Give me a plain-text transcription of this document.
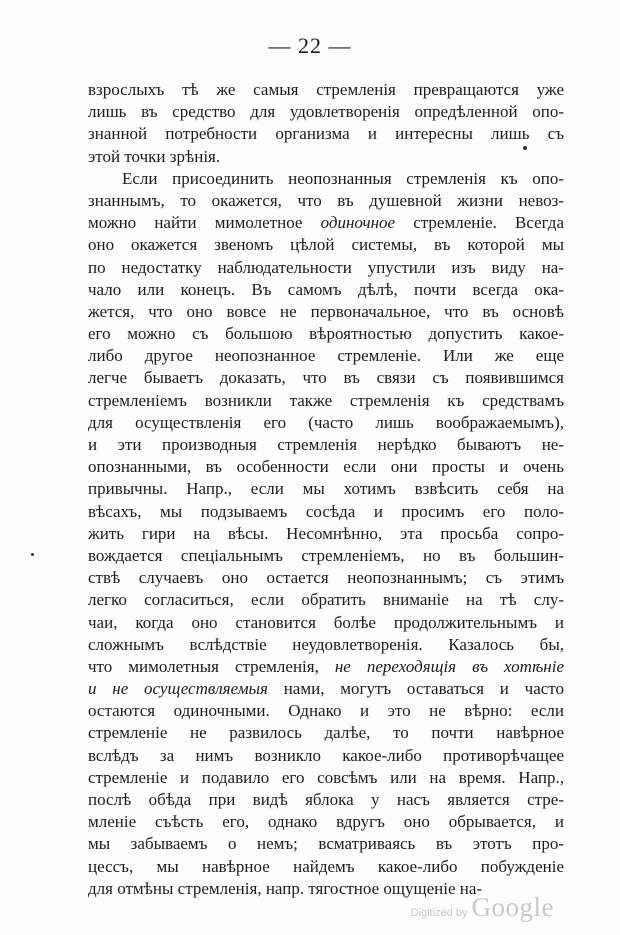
— 22 —
взрослыхъ тѣ же самыя стремленія превращаются уже
лишь въ средство для удовлетворенія опредѣленной опо-
знанной потребности организма и интересны лишь съ
этой точки зрѣнія.
Если присоединить неопознанныя стремленія къ опо-
знаннымъ, то окажется, что въ душевной жизни невоз-
можно найти мимолетное одиночное стремленіе. Всегда
оно окажется звеномъ цѣлой системы, въ которой мы
по недостатку наблюдательности упустили изъ виду на-
чало или конецъ. Въ самомъ дѣлѣ, почти всегда ока-
жется, что оно вовсе не первоначальное, что въ основѣ
его можно съ большою вѣроятностью допустить какое-
либо другое неопознанное стремленіе. Или же еще
легче бываетъ доказать, что въ связи съ появившимся
стремленіемъ возникли также стремленія къ средствамъ
для осуществленія его (часто лишь воображаемымъ),
и эти производныя стремленія нерѣдко бываютъ не-
опознанными, въ особенности если они просты и очень
привычны. Напр., если мы хотимъ взвѣсить себя на
вѣсахъ, мы подзываемъ сосѣда и просимъ его поло-
жить гири на вѣсы. Несомнѣнно, эта просьба сопро-
вождается спеціальнымъ стремленіемъ, но въ большин-
ствѣ случаевъ оно остается неопознаннымъ; съ этимъ
легко согласиться, если обратить вниманіе на тѣ слу-
чаи, когда оно становится болѣе продолжительнымъ и
сложнымъ вслѣдствіе неудовлетворенія. Казалось бы,
что мимолетныя стремленія, не переходящія въ хотѣніе
и не осуществляемыя нами, могутъ оставаться и часто
остаются одиночными. Однако и это не вѣрно: если
стремленіе не развилось далѣе, то почти навѣрное
вслѣдъ за нимъ возникло какое-либо противорѣчащее
стремленіе и подавило его совсѣмъ или на время. Напр.,
послѣ обѣда при видѣ яблока у насъ является стре-
мленіе съѣсть его, однако вдругъ оно обрывается, и
мы забываемъ о немъ; всматриваясь въ этотъ про-
цессъ, мы навѣрное найдемъ какое-либо побужденіе
для отмѣны стремленія, напр. тягостное ощущеніе на-
Digitized by Google
